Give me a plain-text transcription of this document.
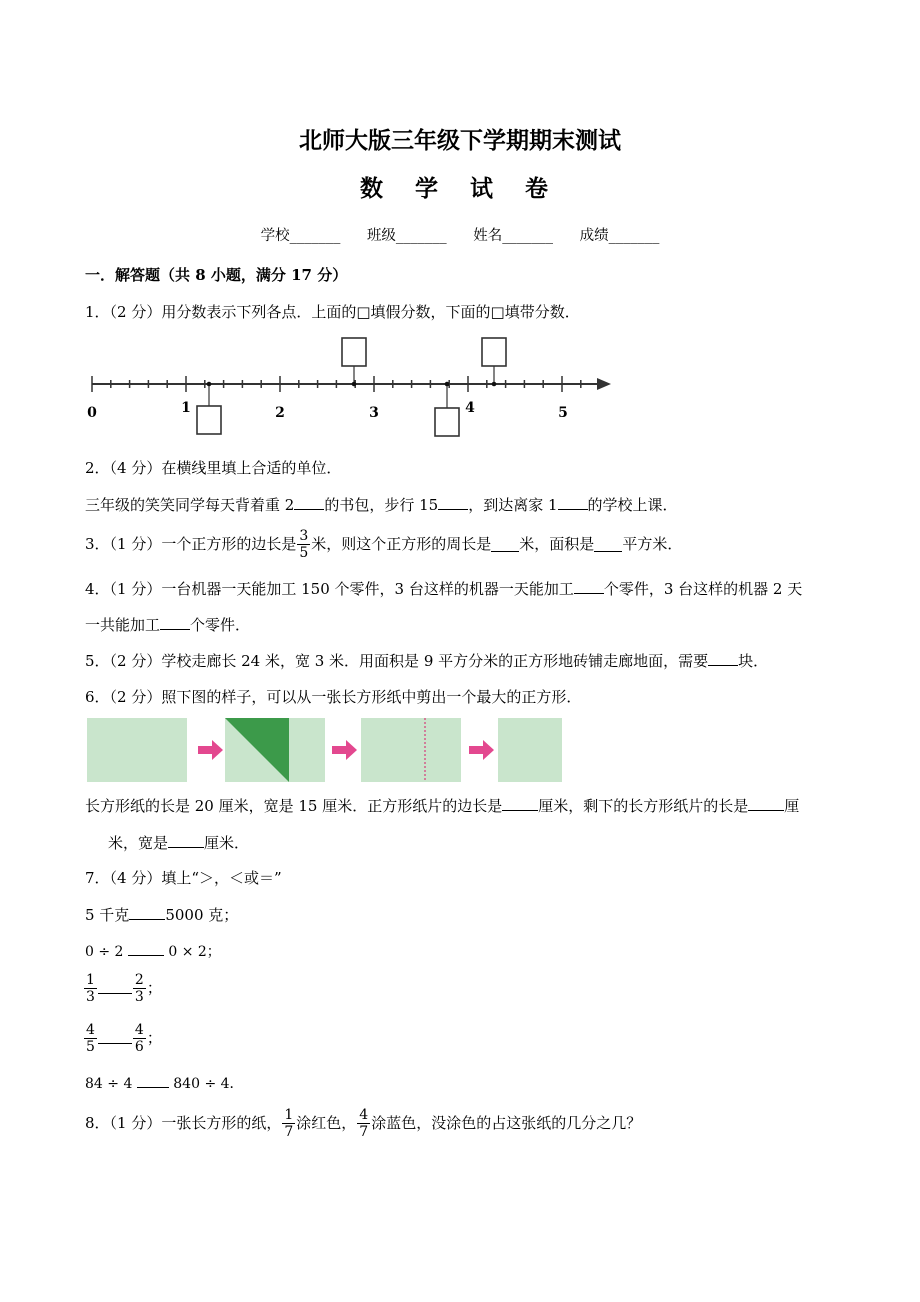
北师大版三年级下学期期末测试
数 学 试 卷
学校_______ 班级_______ 姓名_______ 成绩_______
一．解答题（共 8 小题，满分 17 分）
1．（2 分）用分数表示下列各点．上面的□填假分数，下面的□填带分数．
0	1	2	3	4	5
2．（4 分）在横线里填上合适的单位．
三年级的笑笑同学每天背着重 2 的书包，步行 15 ，到达离家 1 的学校上课．
3．（1 分）一个正方形的边长是 $\frac{3}{5}$ 米，则这个正方形的周长是 米，面积是 平方米．
4．（1 分）一台机器一天能加工 150 个零件，3 台这样的机器一天能加工 个零件，3 台这样的机器 2 天
一共能加工 个零件．
5．（2 分）学校走廊长 24 米，宽 3 米．用面积是 9 平方分米的正方形地砖铺走廊地面，需要 块．
6．（2 分）照下图的样子，可以从一张长方形纸中剪出一个最大的正方形．
长方形纸的长是 20 厘米，宽是 15 厘米．正方形纸片的边长是 厘米，剩下的长方形纸片的长是 厘
米，宽是 厘米．
7．（4 分）填上“＞，＜或＝”
5 千克 5000 克；
0 ÷ 2	0 × 2；
$\frac{1}{3}$	$\frac{2}{3}$ ；
$\frac{4}{5}$	$\frac{4}{6}$ ；
84 ÷ 4	840 ÷ 4．
8．（1 分）一张长方形的纸， $\frac{1}{7}$ 涂红色， $\frac{4}{7}$ 涂蓝色，没涂色的占这张纸的几分之几？
